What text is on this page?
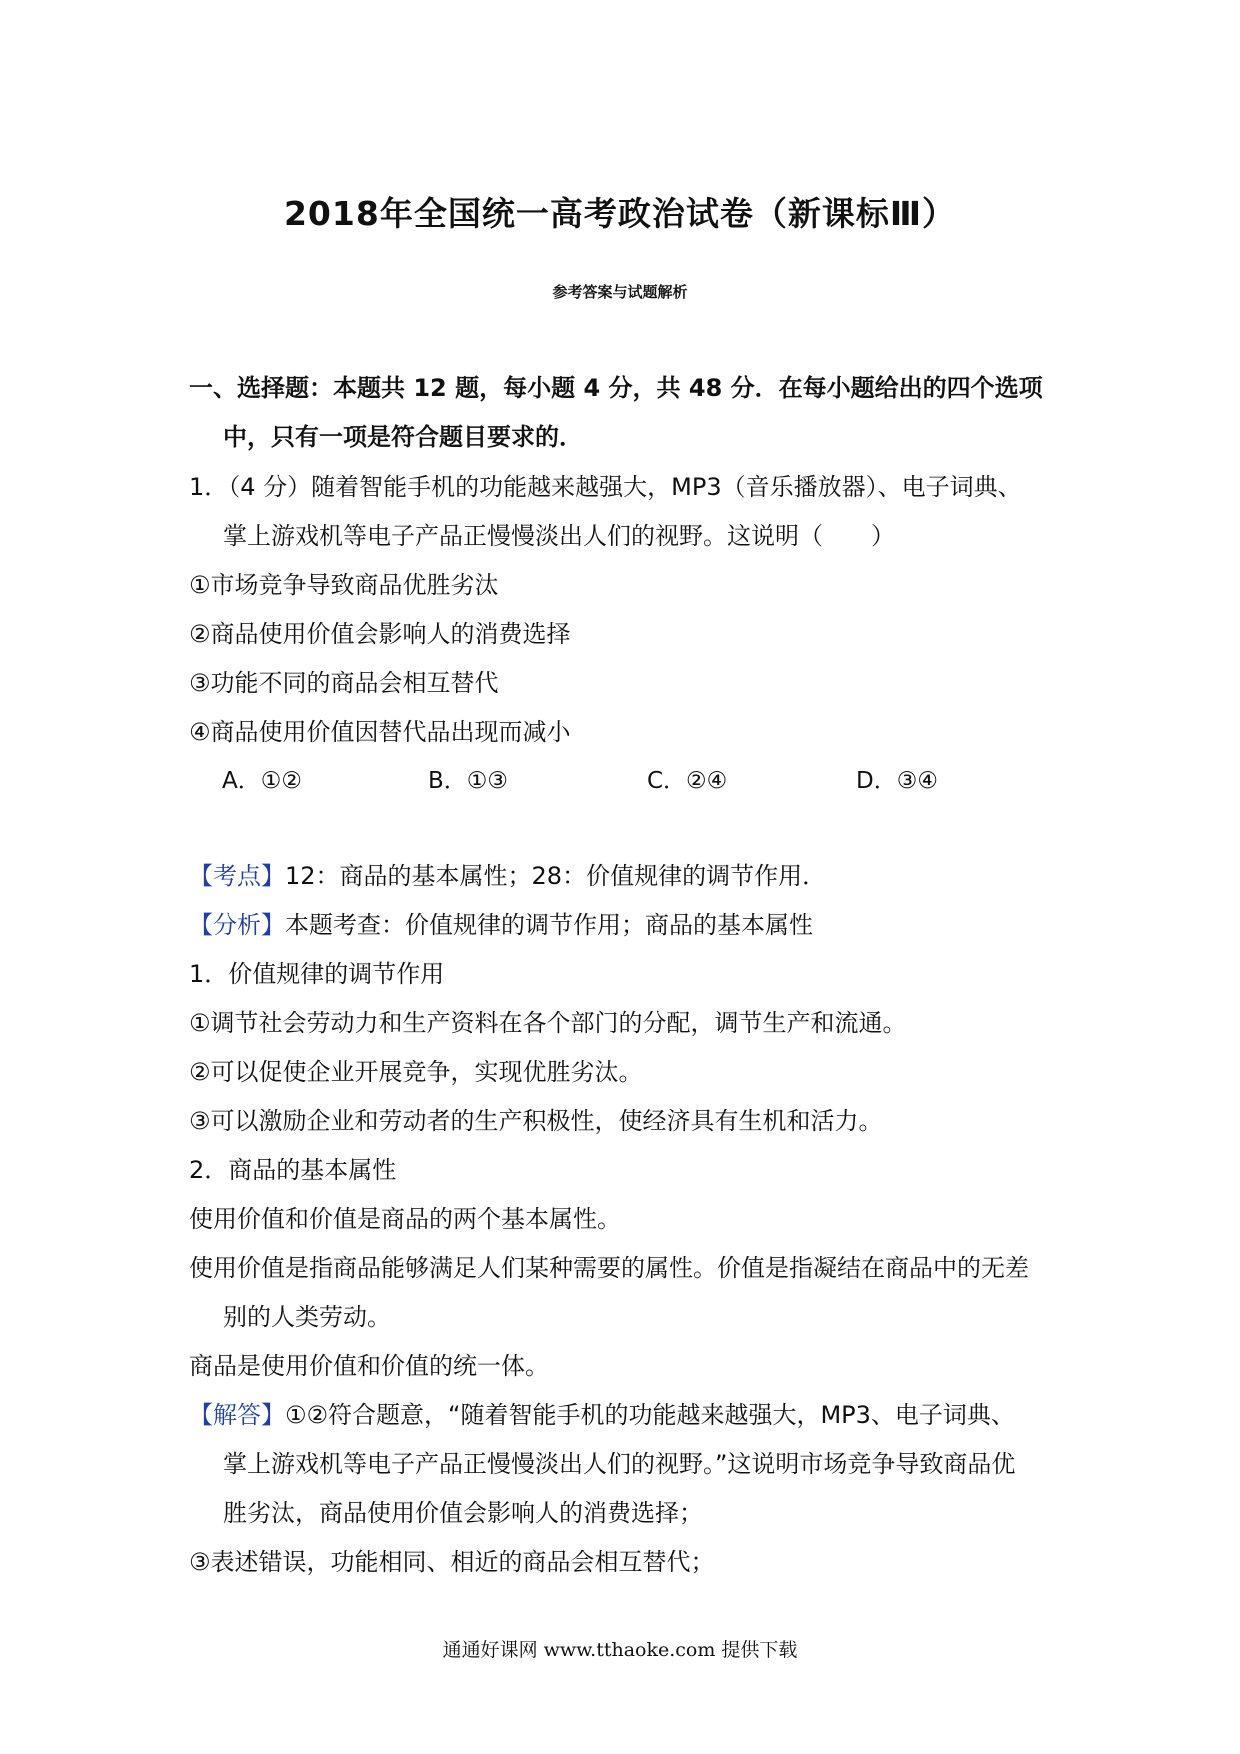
2018年全国统一高考政治试卷（新课标Ⅲ）
参考答案与试题解析
一、选择题：本题共 12 题，每小题 4 分，共 48 分．在每小题给出的四个选项
中，只有一项是符合题目要求的．
1．（4 分）随着智能手机的功能越来越强大，MP3（音乐播放器）、电子词典、
掌上游戏机等电子产品正慢慢淡出人们的视野。这说明（　　）
①市场竞争导致商品优胜劣汰
②商品使用价值会影响人的消费选择
③功能不同的商品会相互替代
④商品使用价值因替代品出现而减小
A．①②	B．①③	C．②④	D．③④
【考点】12：商品的基本属性；28：价值规律的调节作用．
【分析】本题考查：价值规律的调节作用；商品的基本属性
1．价值规律的调节作用
①调节社会劳动力和生产资料在各个部门的分配，调节生产和流通。
②可以促使企业开展竞争，实现优胜劣汰。
③可以激励企业和劳动者的生产积极性，使经济具有生机和活力。
2．商品的基本属性
使用价值和价值是商品的两个基本属性。
使用价值是指商品能够满足人们某种需要的属性。价值是指凝结在商品中的无差
别的人类劳动。
商品是使用价值和价值的统一体。
【解答】①②符合题意，“随着智能手机的功能越来越强大，MP3、电子词典、
掌上游戏机等电子产品正慢慢淡出人们的视野。”这说明市场竞争导致商品优
胜劣汰，商品使用价值会影响人的消费选择；
③表述错误，功能相同、相近的商品会相互替代；
通通好课网 www.tthaoke.com 提供下载
